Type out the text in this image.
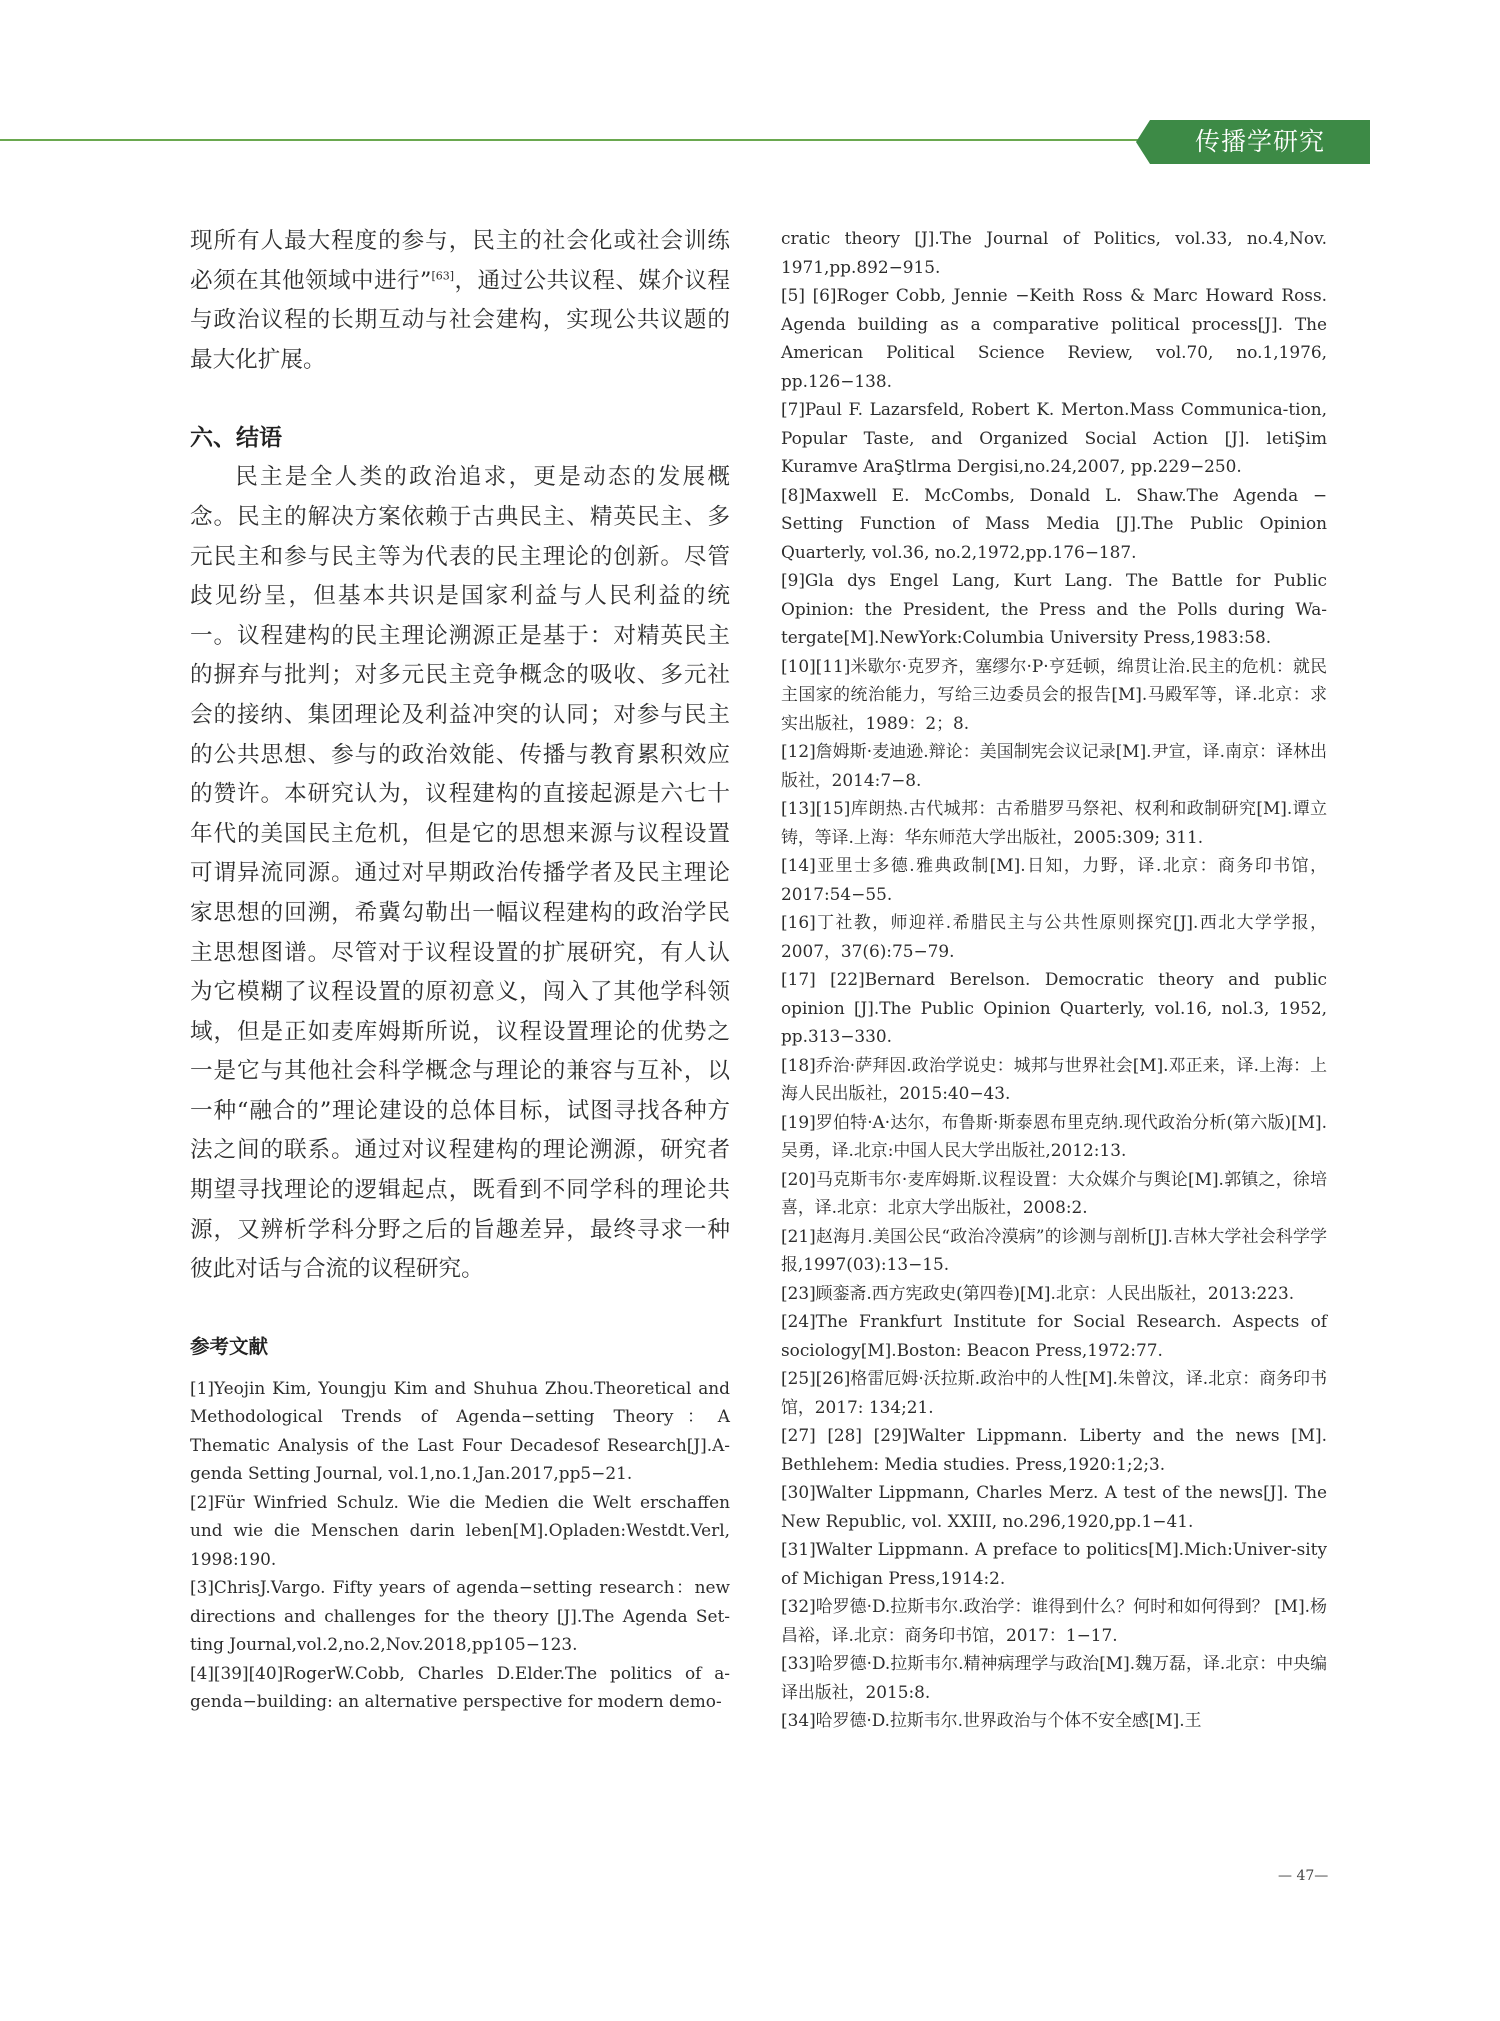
传播学研究

现所有人最大程度的参与，民主的社会化或社会训练必须在其他领域中进行”[63]，通过公共议程、媒介议程与政治议程的长期互动与社会建构，实现公共议题的最大化扩展。

六、结语

民主是全人类的政治追求，更是动态的发展概念。民主的解决方案依赖于古典民主、精英民主、多元民主和参与民主等为代表的民主理论的创新。尽管歧见纷呈，但基本共识是国家利益与人民利益的统一。议程建构的民主理论溯源正是基于：对精英民主的摒弃与批判；对多元民主竞争概念的吸收、多元社会的接纳、集团理论及利益冲突的认同；对参与民主的公共思想、参与的政治效能、传播与教育累积效应的赞许。本研究认为，议程建构的直接起源是六七十年代的美国民主危机，但是它的思想来源与议程设置可谓异流同源。通过对早期政治传播学者及民主理论家思想的回溯，希冀勾勒出一幅议程建构的政治学民主思想图谱。尽管对于议程设置的扩展研究，有人认为它模糊了议程设置的原初意义，闯入了其他学科领域，但是正如麦库姆斯所说，议程设置理论的优势之一是它与其他社会科学概念与理论的兼容与互补，以一种“融合的”理论建设的总体目标，试图寻找各种方法之间的联系。通过对议程建构的理论溯源，研究者期望寻找理论的逻辑起点，既看到不同学科的理论共源，又辨析学科分野之后的旨趣差异，最终寻求一种彼此对话与合流的议程研究。

参考文献

[1]Yeojin Kim, Youngju Kim and Shuhua Zhou.Theoretical and Methodological Trends of Agenda−setting Theory：A Thematic Analysis of the Last Four Decadesof Research[J].A-genda Setting Journal, vol.1,no.1,Jan.2017,pp5−21.

[2]Für Winfried Schulz. Wie die Medien die Welt erschaffen und wie die Menschen darin leben[M].Opladen:Westdt.Verl, 1998:190.

[3]ChrisJ.Vargo. Fifty years of agenda−setting research：new directions and challenges for the theory [J].The Agenda Set-ting Journal,vol.2,no.2,Nov.2018,pp105−123.

[4][39][40]RogerW.Cobb, Charles D.Elder.The politics of a-genda−building: an alternative perspective for modern demo-

cratic theory [J].The Journal of Politics, vol.33, no.4,Nov. 1971,pp.892−915.

[5] [6]Roger Cobb, Jennie −Keith Ross & Marc Howard Ross. Agenda building as a comparative political process[J]. The American Political Science Review, vol.70, no.1,1976, pp.126−138.

[7]Paul F. Lazarsfeld, Robert K. Merton.Mass Communica-tion, Popular Taste, and Organized Social Action [J]. letiŞim Kuramve AraŞtlrma Dergisi,no.24,2007, pp.229−250.

[8]Maxwell E. McCombs, Donald L. Shaw.The Agenda − Setting Function of Mass Media [J].The Public Opinion Quarterly, vol.36, no.2,1972,pp.176−187.

[9]Gla dys Engel Lang, Kurt Lang. The Battle for Public Opinion: the President, the Press and the Polls during Wa-tergate[M].NewYork:Columbia University Press,1983:58.

[10][11]米歇尔·克罗齐，塞缪尔·P·亨廷顿，绵贯让治.民主的危机：就民主国家的统治能力，写给三边委员会的报告[M].马殿军等，译.北京：求实出版社，1989：2；8.

[12]詹姆斯·麦迪逊.辩论：美国制宪会议记录[M].尹宣，译.南京：译林出版社，2014:7−8.

[13][15]库朗热.古代城邦：古希腊罗马祭祀、权利和政制研究[M].谭立铸，等译.上海：华东师范大学出版社，2005:309; 311.

[14]亚里士多德.雅典政制[M].日知，力野，译.北京：商务印书馆，2017:54−55.

[16]丁社教，师迎祥.希腊民主与公共性原则探究[J].西北大学学报，2007，37(6):75−79.

[17] [22]Bernard Berelson. Democratic theory and public opinion [J].The Public Opinion Quarterly, vol.16, nol.3, 1952, pp.313−330.

[18]乔治·萨拜因.政治学说史：城邦与世界社会[M].邓正来，译.上海：上海人民出版社，2015:40−43.

[19]罗伯特·A·达尔，布鲁斯·斯泰恩布里克纳.现代政治分析(第六版)[M].吴勇，译.北京:中国人民大学出版社,2012:13.

[20]马克斯韦尔·麦库姆斯.议程设置：大众媒介与舆论[M].郭镇之，徐培喜，译.北京：北京大学出版社，2008:2.

[21]赵海月.美国公民“政治冷漠病”的诊测与剖析[J].吉林大学社会科学学报,1997(03):13−15.

[23]顾銮斋.西方宪政史(第四卷)[M].北京：人民出版社，2013:223.

[24]The Frankfurt Institute for Social Research. Aspects of sociology[M].Boston: Beacon Press,1972:77.

[25][26]格雷厄姆·沃拉斯.政治中的人性[M].朱曾汶，译.北京：商务印书馆，2017: 134;21.

[27] [28] [29]Walter Lippmann. Liberty and the news [M]. Bethlehem: Media studies. Press,1920:1;2;3.

[30]Walter Lippmann, Charles Merz. A test of the news[J]. The New Republic, vol. XXIII, no.296,1920,pp.1−41.

[31]Walter Lippmann. A preface to politics[M].Mich:Univer-sity of Michigan Press,1914:2.

[32]哈罗德·D.拉斯韦尔.政治学：谁得到什么？何时和如何得到？ [M].杨昌裕，译.北京：商务印书馆，2017：1−17.

[33]哈罗德·D.拉斯韦尔.精神病理学与政治[M].魏万磊，译.北京：中央编译出版社，2015:8.

[34]哈罗德·D.拉斯韦尔.世界政治与个体不安全感[M].王

— 47—
